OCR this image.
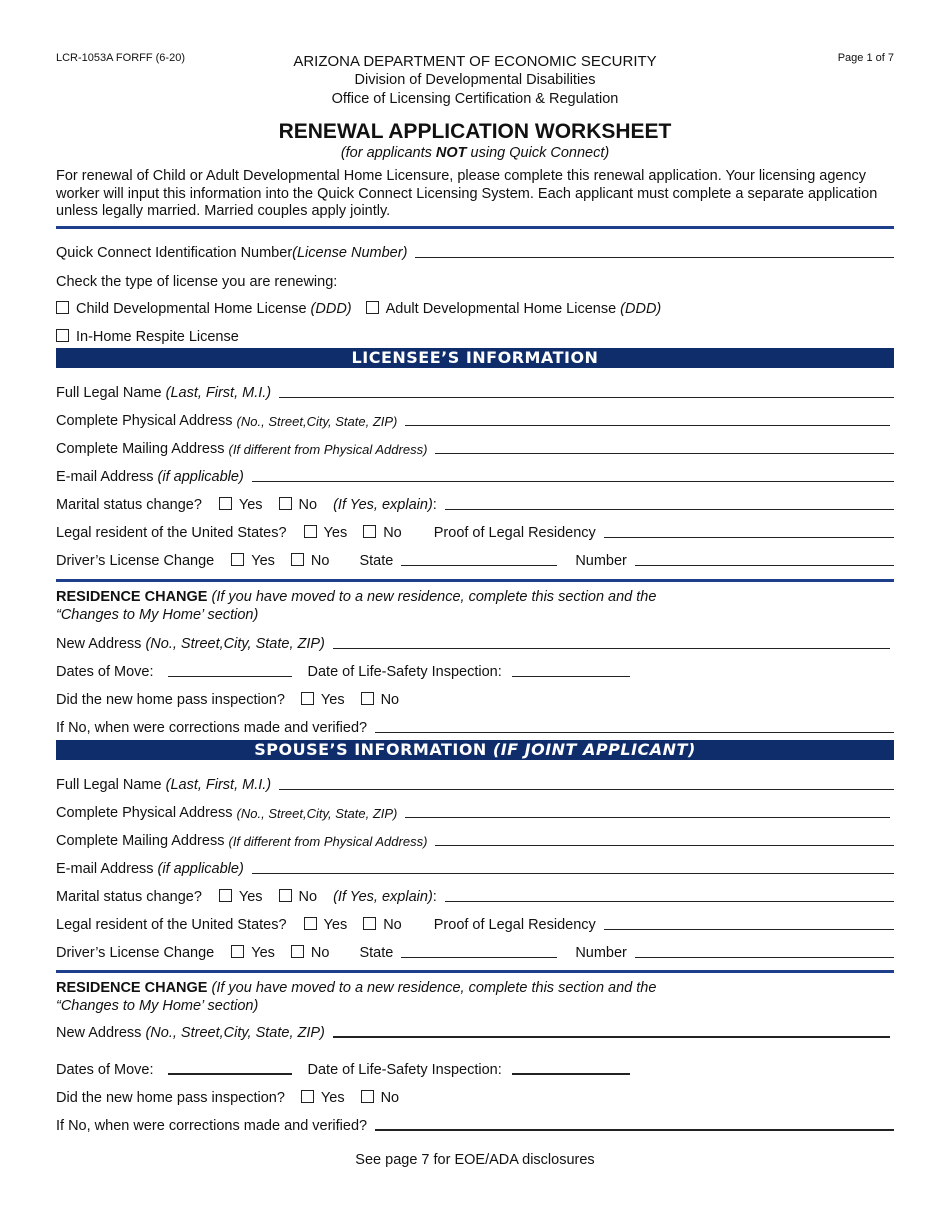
LCR-1053A FORFF (6-20)	Page 1 of 7
ARIZONA DEPARTMENT OF ECONOMIC SECURITY
Division of Developmental Disabilities
Office of Licensing Certification & Regulation
RENEWAL APPLICATION WORKSHEET
(for applicants NOT using Quick Connect)
For renewal of Child or Adult Developmental Home Licensure, please complete this renewal application. Your licensing agency worker will input this information into the Quick Connect Licensing System. Each applicant must complete a separate application unless legally married. Married couples apply jointly.
Quick Connect Identification Number (License Number)
Check the type of license you are renewing:
Child Developmental Home License
(DDD) Adult Developmental Home License
(DDD)
In-Home Respite License
LICENSEE’S INFORMATION
Full Legal Name
(Last, First, M.I.)
Complete Physical Address
(No., Street,City, State, ZIP)
Complete Mailing Address
(If different from Physical Address)
E-mail Address
(if applicable)
Marital status change?	Yes No (If Yes, explain) :
Legal resident of the United States?	Yes No Proof of Legal Residency
Driver’s License Change	Yes No State	Number
RESIDENCE CHANGE (If you have moved to a new residence, complete this section and the “Changes to My Home’ section)
New Address
(No., Street,City, State, ZIP)
Dates of Move:	Date of Life-Safety Inspection:
Did the new home pass inspection? Yes No
If No, when were corrections made and verified?
SPOUSE’S INFORMATION (IF JOINT APPLICANT)
Full Legal Name
(Last, First, M.I.)
Complete Physical Address
(No., Street,City, State, ZIP)
Complete Mailing Address
(If different from Physical Address)
E-mail Address
(if applicable)
Marital status change?	Yes No (If Yes, explain) :
Legal resident of the United States?	Yes No Proof of Legal Residency
Driver’s License Change	Yes No State	Number
RESIDENCE CHANGE (If you have moved to a new residence, complete this section and the “Changes to My Home’ section)
New Address
(No., Street,City, State, ZIP)
Dates of Move:	Date of Life-Safety Inspection:
Did the new home pass inspection? Yes No
If No, when were corrections made and verified?
See page 7 for EOE/ADA disclosures
